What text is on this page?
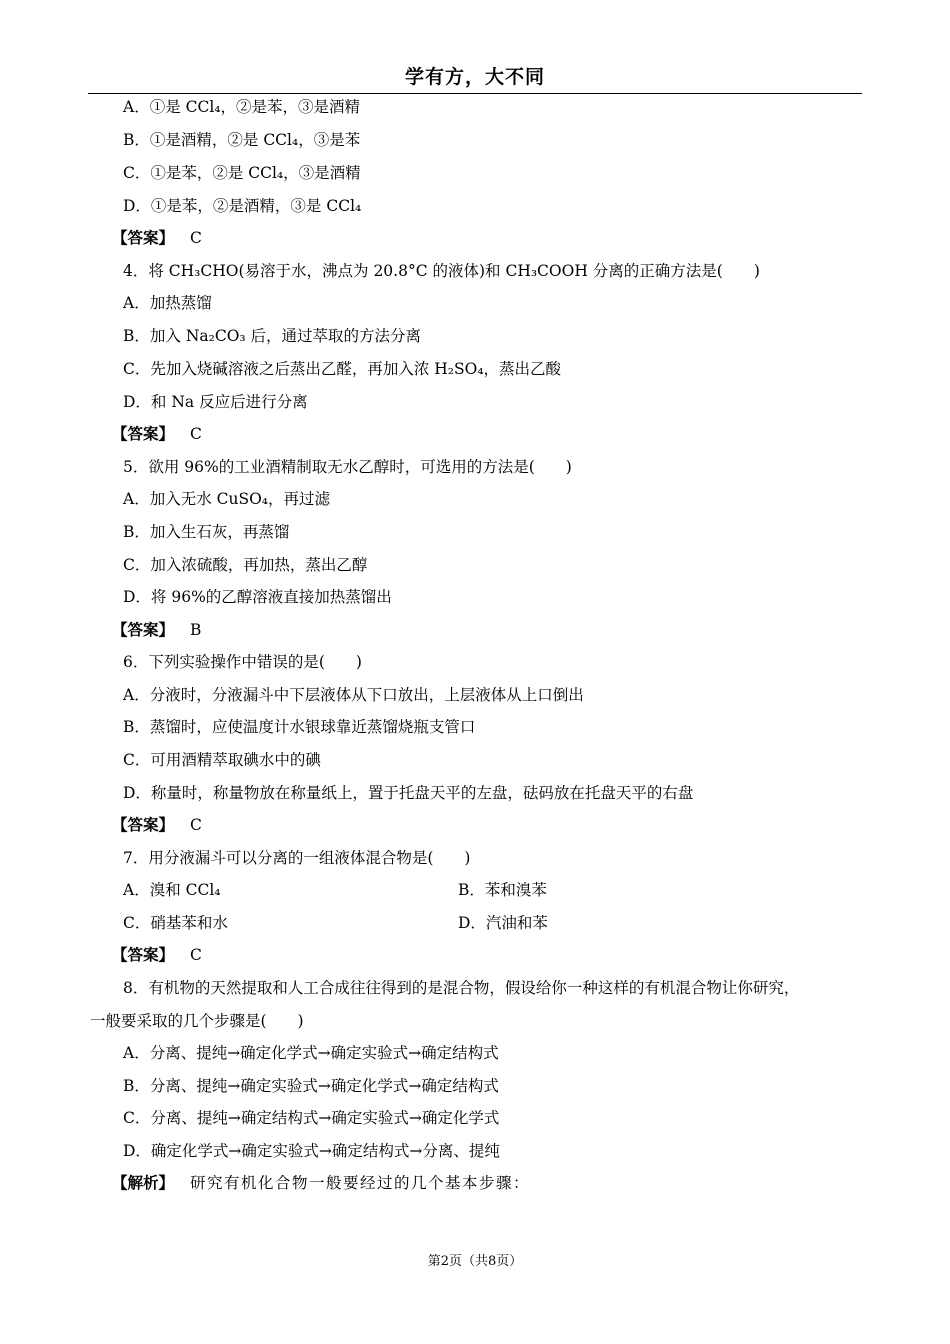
学有方，大不同
A．①是 CCl₄，②是苯，③是酒精
B．①是酒精，②是 CCl₄，③是苯
C．①是苯，②是 CCl₄，③是酒精
D．①是苯，②是酒精，③是 CCl₄
【答案】 C
4．将 CH₃CHO(易溶于水，沸点为 20.8°C 的液体)和 CH₃COOH 分离的正确方法是(　　)
A．加热蒸馏
B．加入 Na₂CO₃ 后，通过萃取的方法分离
C．先加入烧碱溶液之后蒸出乙醛，再加入浓 H₂SO₄，蒸出乙酸
D．和 Na 反应后进行分离
【答案】 C
5．欲用 96%的工业酒精制取无水乙醇时，可选用的方法是(　　)
A．加入无水 CuSO₄，再过滤
B．加入生石灰，再蒸馏
C．加入浓硫酸，再加热，蒸出乙醇
D．将 96%的乙醇溶液直接加热蒸馏出
【答案】 B
6．下列实验操作中错误的是(　　)
A．分液时，分液漏斗中下层液体从下口放出，上层液体从上口倒出
B．蒸馏时，应使温度计水银球靠近蒸馏烧瓶支管口
C．可用酒精萃取碘水中的碘
D．称量时，称量物放在称量纸上，置于托盘天平的左盘，砝码放在托盘天平的右盘
【答案】 C
7．用分液漏斗可以分离的一组液体混合物是(　　)
A．溴和 CCl₄	B．苯和溴苯
C．硝基苯和水	D．汽油和苯
【答案】 C
8．有机物的天然提取和人工合成往往得到的是混合物，假设给你一种这样的有机混合物让你研究，
一般要采取的几个步骤是(　　)
A．分离、提纯→确定化学式→确定实验式→确定结构式
B．分离、提纯→确定实验式→确定化学式→确定结构式
C．分离、提纯→确定结构式→确定实验式→确定化学式
D．确定化学式→确定实验式→确定结构式→分离、提纯
【解析】 研究有机化合物一般要经过的几个基本步骤：
第2页（共8页）
